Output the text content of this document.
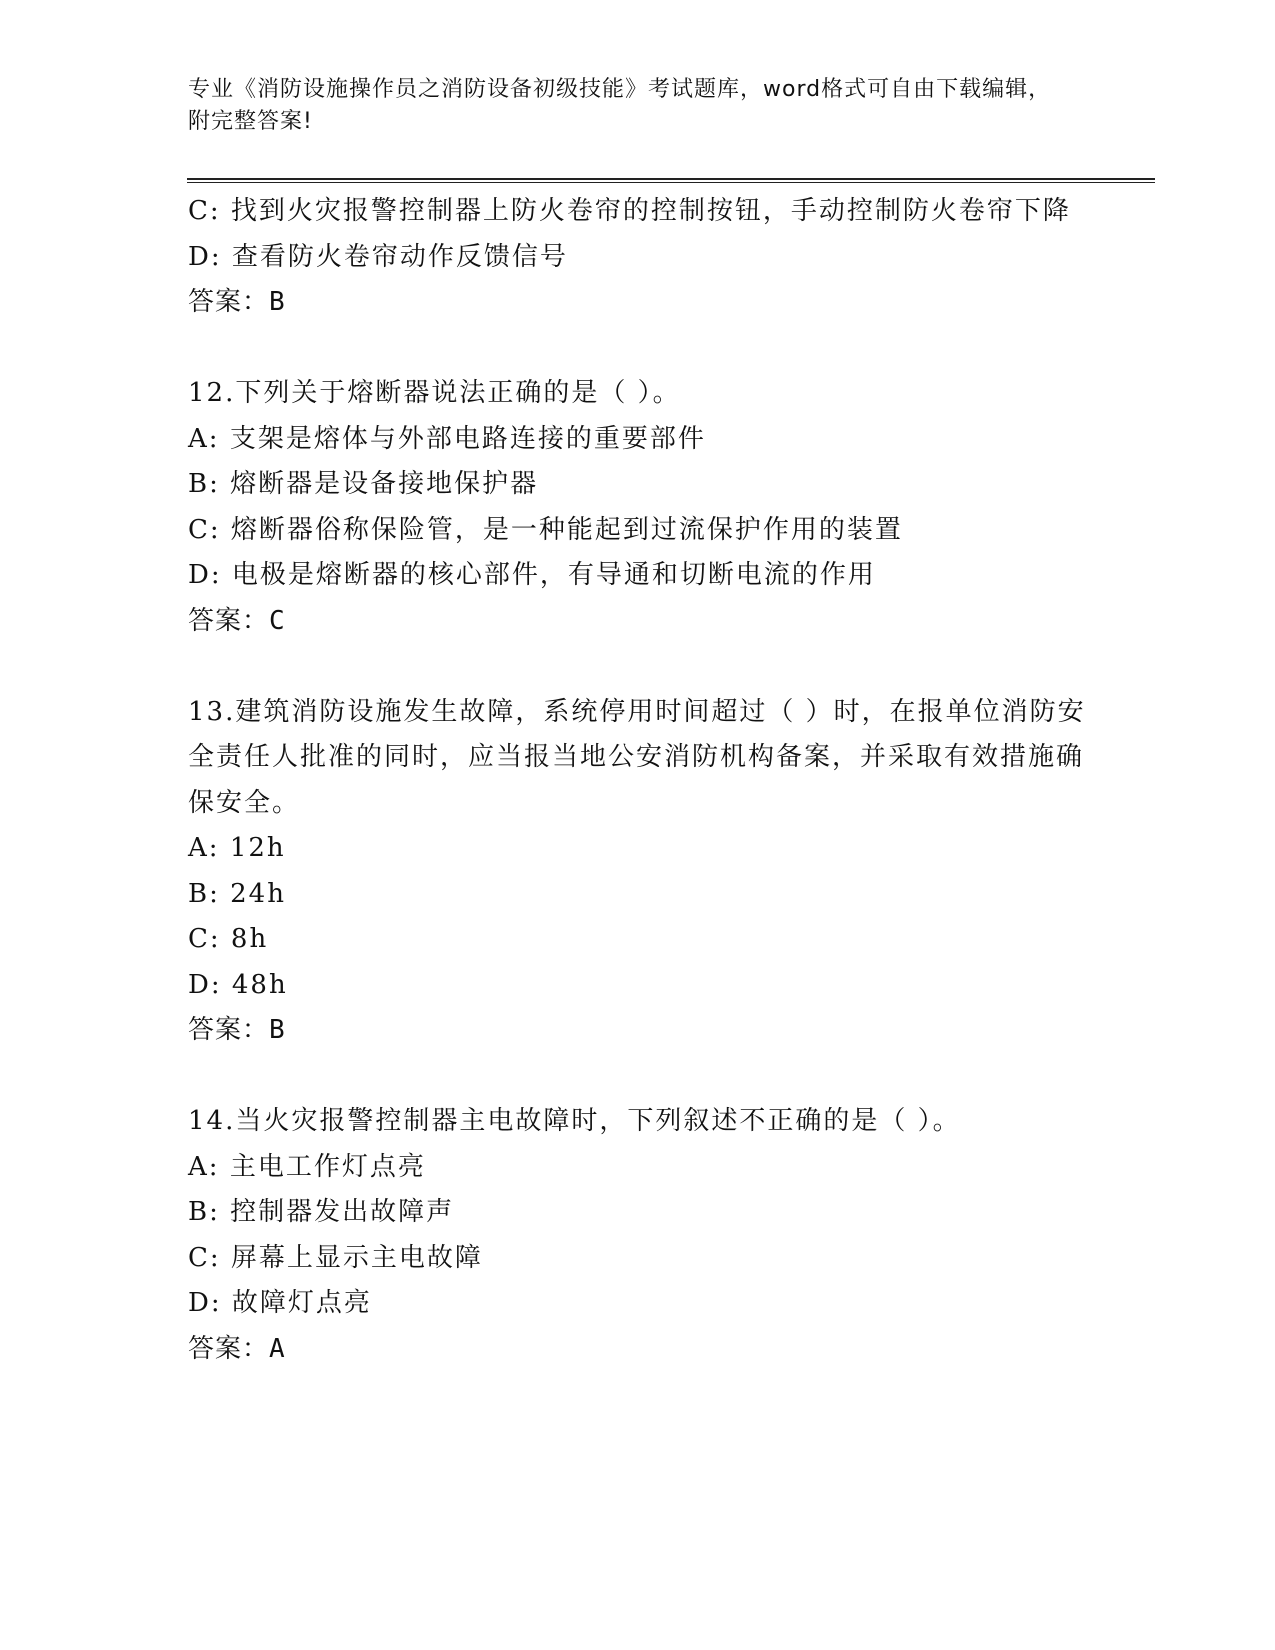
专业《消防设施操作员之消防设备初级技能》考试题库，word格式可自由下载编辑，附完整答案!
C: 找到火灾报警控制器上防火卷帘的控制按钮，手动控制防火卷帘下降
D: 查看防火卷帘动作反馈信号
答案：B
12.下列关于熔断器说法正确的是（ ）。
A: 支架是熔体与外部电路连接的重要部件
B: 熔断器是设备接地保护器
C: 熔断器俗称保险管，是一种能起到过流保护作用的装置
D: 电极是熔断器的核心部件，有导通和切断电流的作用
答案：C
13.建筑消防设施发生故障，系统停用时间超过（ ）时，在报单位消防安全责任人批准的同时，应当报当地公安消防机构备案，并采取有效措施确保安全。
A: 12h
B: 24h
C: 8h
D: 48h
答案：B
14.当火灾报警控制器主电故障时，下列叙述不正确的是（ ）。
A: 主电工作灯点亮
B: 控制器发出故障声
C: 屏幕上显示主电故障
D: 故障灯点亮
答案：A
